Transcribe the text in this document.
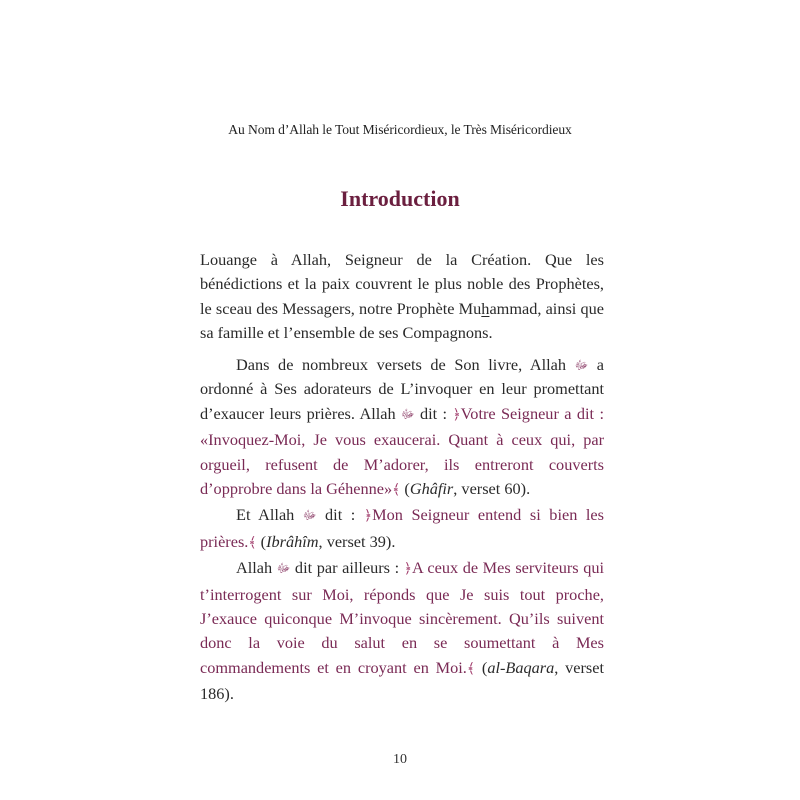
Au Nom d’Allah le Tout Miséricordieux, le Très Miséricordieux
Introduction

Louange à Allah, Seigneur de la Création. Que les bénédictions et la paix couvrent le plus noble des Prophètes, le sceau des Messagers, notre Prophète Muhammad, ainsi que sa famille et l’ensemble de ses Compagnons.

Dans de nombreux versets de Son livre, Allah ﷻ a ordonné à Ses adorateurs de L’invoquer en leur promettant d’exaucer leurs prières. Allah ﷻ dit : ﴿Votre Seigneur a dit : «Invoquez-Moi, Je vous exaucerai. Quant à ceux qui, par orgueil, refusent de M’adorer, ils entreront couverts d’opprobre dans la Géhenne»﴾ (Ghâfir, verset 60).

Et Allah ﷻ dit : ﴿Mon Seigneur entend si bien les prières.﴾ (Ibrâhîm, verset 39).

Allah ﷻ dit par ailleurs : ﴿A ceux de Mes serviteurs qui t’interrogent sur Moi, réponds que Je suis tout proche, J’exauce quiconque M’invoque sincèrement. Qu’ils suivent donc la voie du salut en se soumettant à Mes commandements et en croyant en Moi.﴾ (al-Baqara, verset 186).

10
